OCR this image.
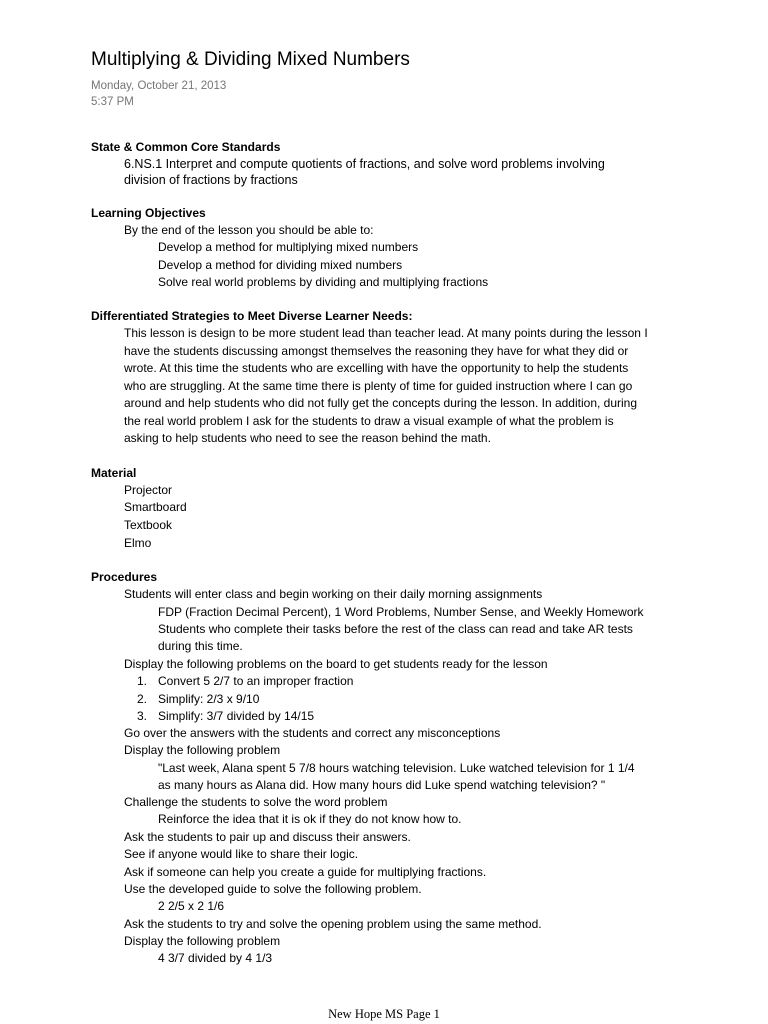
Multiplying & Dividing Mixed Numbers
Monday, October 21, 2013
5:37 PM
State & Common Core Standards
6.NS.1 Interpret and compute quotients of fractions, and solve word problems involving
division of fractions by fractions
Learning Objectives
By the end of the lesson you should be able to:
Develop a method for multiplying mixed numbers
Develop a method for dividing mixed numbers
Solve real world problems by dividing and multiplying fractions
Differentiated Strategies to Meet Diverse Learner Needs:
This lesson is design to be more student lead than teacher lead. At many points during the lesson I
have the students discussing amongst themselves the reasoning they have for what they did or
wrote. At this time the students who are excelling with have the opportunity to help the students
who are struggling. At the same time there is plenty of time for guided instruction where I can go
around and help students who did not fully get the concepts during the lesson. In addition, during
the real world problem I ask for the students to draw a visual example of what the problem is
asking to help students who need to see the reason behind the math.
Material
Projector
Smartboard
Textbook
Elmo
Procedures
Students will enter class and begin working on their daily morning assignments
FDP (Fraction Decimal Percent), 1 Word Problems, Number Sense, and Weekly Homework
Students who complete their tasks before the rest of the class can read and take AR tests
during this time.
Display the following problems on the board to get students ready for the lesson
1. Convert 5 2/7 to an improper fraction
2. Simplify: 2/3 x 9/10
3. Simplify: 3/7 divided by 14/15
Go over the answers with the students and correct any misconceptions
Display the following problem
"Last week, Alana spent 5 7/8 hours watching television. Luke watched television for 1 1/4
as many hours as Alana did. How many hours did Luke spend watching television? "
Challenge the students to solve the word problem
Reinforce the idea that it is ok if they do not know how to.
Ask the students to pair up and discuss their answers.
See if anyone would like to share their logic.
Ask if someone can help you create a guide for multiplying fractions.
Use the developed guide to solve the following problem.
2 2/5 x 2 1/6
Ask the students to try and solve the opening problem using the same method.
Display the following problem
4 3/7 divided by 4 1/3
New Hope MS Page 1
